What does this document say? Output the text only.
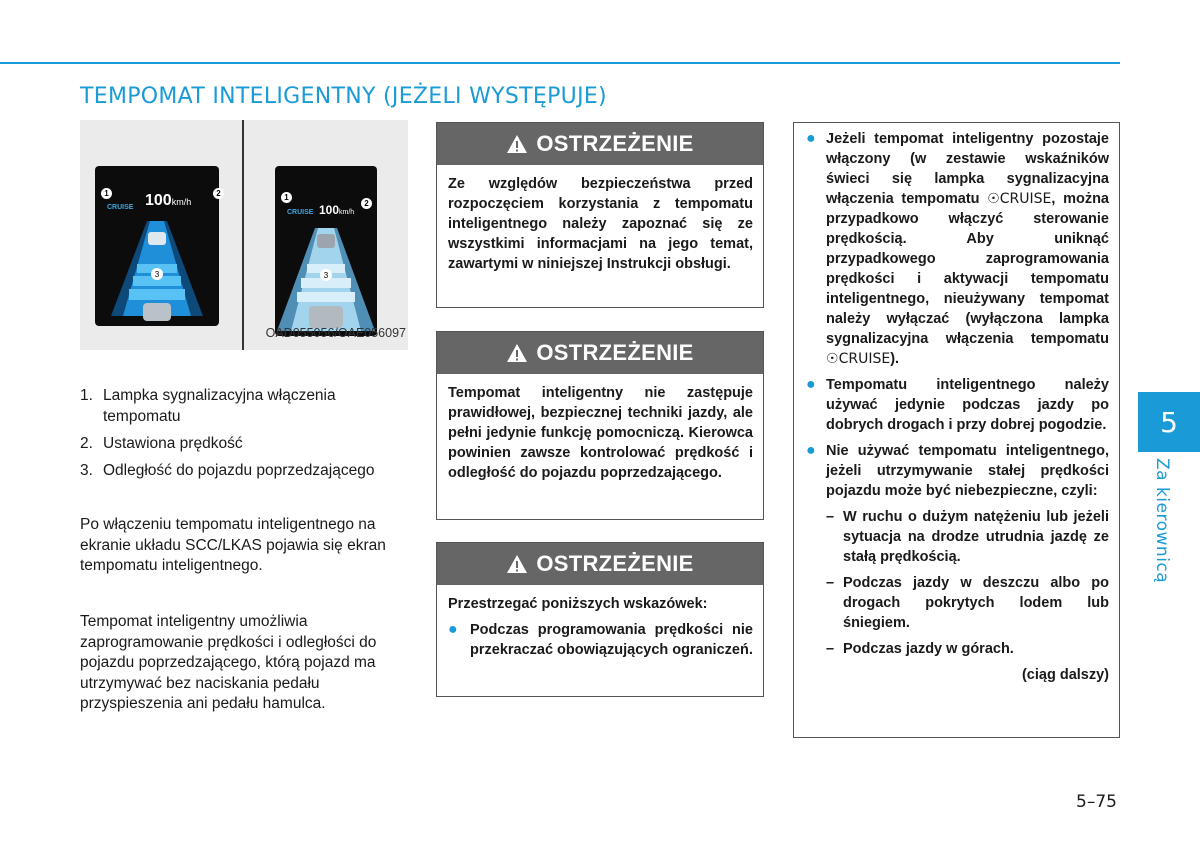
TEMPOMAT INTELIGENTNY (JEŻELI WYSTĘPUJE)
3
1
CRUISE 100km/h
2
3
1
CRUISE 100km/h
2
OAD055056/OAE056097
1. Lampka sygnalizacyjna włączenia tempomatu
2. Ustawiona prędkość
3. Odległość do pojazdu poprzedzającego
Po włączeniu tempomatu inteligentnego na ekranie układu SCC/LKAS pojawia się ekran tempomatu inteligentnego.
Tempomat inteligentny umożliwia zaprogramowanie prędkości i odległości do pojazdu poprzedzającego, którą pojazd ma utrzymywać bez naciskania pedału przyspieszenia ani pedału hamulca.
OSTRZEŻENIE
Ze względów bezpieczeństwa przed rozpoczęciem korzystania z tempomatu inteligentnego należy zapoznać się ze wszystkimi informacjami na jego temat, zawartymi w niniejszej Instrukcji obsługi.
OSTRZEŻENIE
Tempomat inteligentny nie zastępuje prawidłowej, bezpiecznej techniki jazdy, ale pełni jedynie funkcję pomocniczą. Kierowca powinien zawsze kontrolować prędkość i odległość do pojazdu poprzedzającego.
OSTRZEŻENIE
Przestrzegać poniższych wskazówek:
● Podczas programowania prędkości nie przekraczać obowiązujących ograniczeń.
● Jeżeli tempomat inteligentny pozostaje włączony (w zestawie wskaźników świeci się lampka sygnalizacyjna włączenia tempomatu ☉CRUISE, można przypadkowo włączyć sterowanie prędkością. Aby uniknąć przypadkowego zaprogramowania prędkości i aktywacji tempomatu inteligentnego, nieużywany tempomat należy wyłączać (wyłączona lampka sygnalizacyjna włączenia tempomatu ☉CRUISE).
● Tempomatu inteligentnego należy używać jedynie podczas jazdy po dobrych drogach i przy dobrej pogodzie.
● Nie używać tempomatu inteligentnego, jeżeli utrzymywanie stałej prędkości pojazdu może być niebezpieczne, czyli:
– W ruchu o dużym natężeniu lub jeżeli sytuacja na drodze utrudnia jazdę ze stałą prędkością.
– Podczas jazdy w deszczu albo po drogach pokrytych lodem lub śniegiem.
– Podczas jazdy w górach.
(ciąg dalszy)
5
Za kierownicą
5–75
